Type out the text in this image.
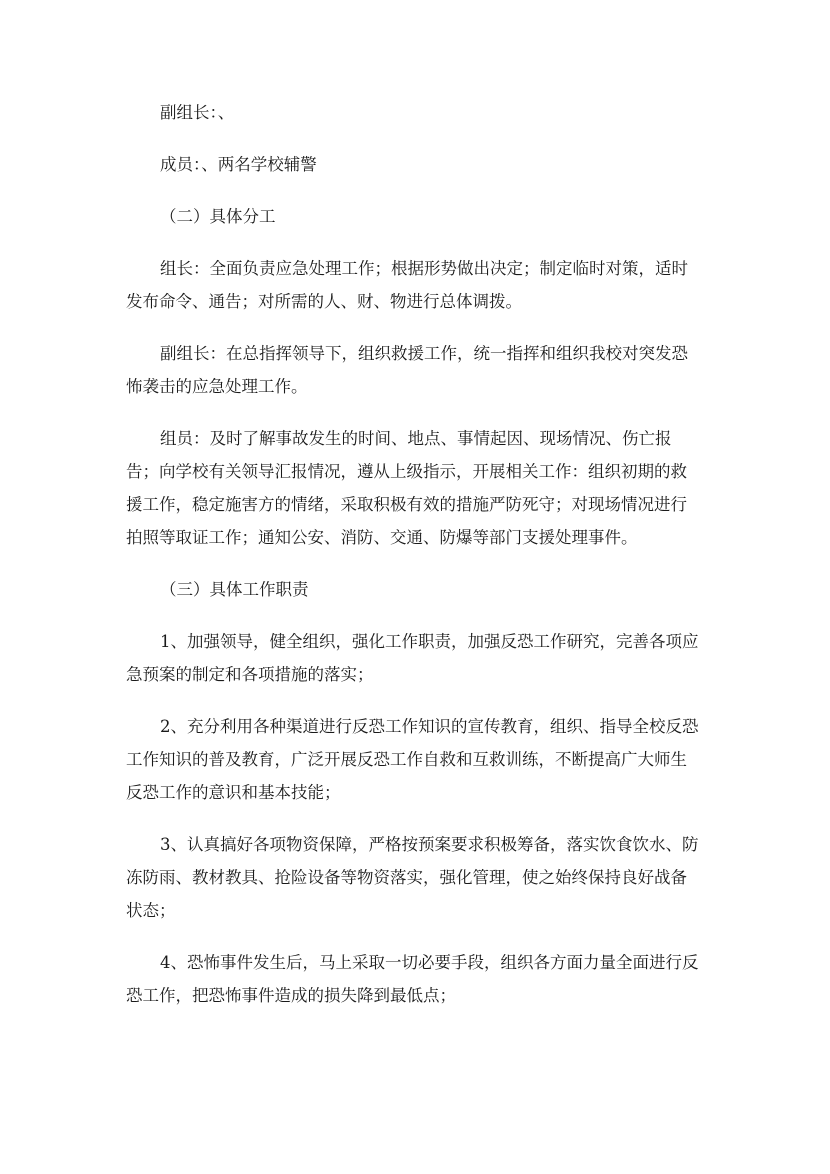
副组长：、
成员：、两名学校辅警
（二）具体分工
组长：全面负责应急处理工作；根据形势做出决定；制定临时对策，适时
发布命令、通告；对所需的人、财、物进行总体调拨。
副组长：在总指挥领导下，组织救援工作，统一指挥和组织我校对突发恐
怖袭击的应急处理工作。
组员：及时了解事故发生的时间、地点、事情起因、现场情况、伤亡报
告；向学校有关领导汇报情况，遵从上级指示，开展相关工作：组织初期的救
援工作，稳定施害方的情绪，采取积极有效的措施严防死守；对现场情况进行
拍照等取证工作；通知公安、消防、交通、防爆等部门支援处理事件。
（三）具体工作职责
1、加强领导，健全组织，强化工作职责，加强反恐工作研究，完善各项应
急预案的制定和各项措施的落实；
2、充分利用各种渠道进行反恐工作知识的宣传教育，组织、指导全校反恐
工作知识的普及教育，广泛开展反恐工作自救和互救训练，不断提高广大师生
反恐工作的意识和基本技能；
3、认真搞好各项物资保障，严格按预案要求积极筹备，落实饮食饮水、防
冻防雨、教材教具、抢险设备等物资落实，强化管理，使之始终保持良好战备
状态；
4、恐怖事件发生后，马上采取一切必要手段，组织各方面力量全面进行反
恐工作，把恐怖事件造成的损失降到最低点；
